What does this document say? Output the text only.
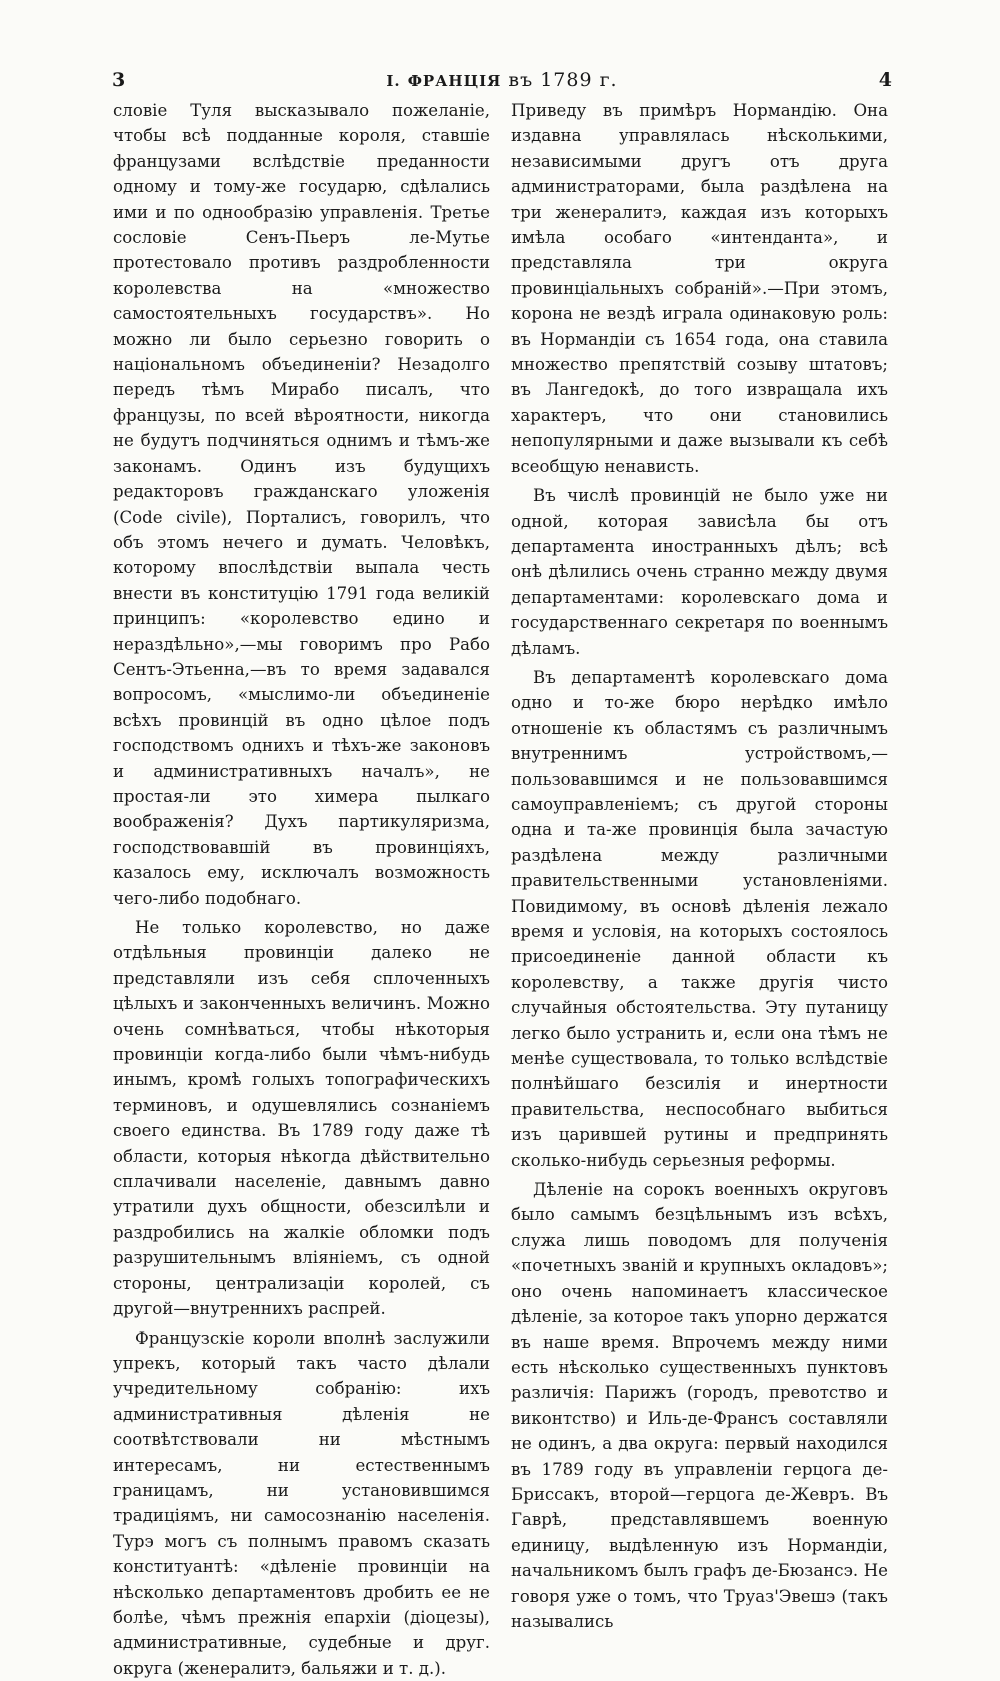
3	I. ФРАНЦІЯ въ 1789 г.	4

словіе Туля высказывало пожеланіе, чтобы всѣ подданные короля, ставшіе французами вслѣдствіе преданности одному и тому-же государю, сдѣлались ими и по однообразію управленія. Третье сословіе Сенъ-Пьеръ ле-Мутье протестовало противъ раздробленности королевства на «множество самостоятельныхъ государствъ». Но можно ли было серьезно говорить о національномъ объединеніи? Незадолго передъ тѣмъ Мирабо писалъ, что французы, по всей вѣроятности, никогда не будутъ подчиняться однимъ и тѣмъ-же законамъ. Одинъ изъ будущихъ редакторовъ гражданскаго уложенія (Code civile), Порталисъ, говорилъ, что объ этомъ нечего и думать. Человѣкъ, которому впослѣдствіи выпала честь внести въ конституцію 1791 года великій принципъ: «королевство едино и нераздѣльно»,—мы говоримъ про Рабо Сентъ-Этьенна,—въ то время задавался вопросомъ, «мыслимо-ли объединеніе всѣхъ провинцій въ одно цѣлое подъ господствомъ однихъ и тѣхъ-же законовъ и административныхъ началъ», не простая-ли это химера пылкаго воображенія? Духъ партикуляризма, господствовавшій въ провинціяхъ, казалось ему, исключалъ возможность чего-либо подобнаго.

Не только королевство, но даже отдѣльныя провинціи далеко не представляли изъ себя сплоченныхъ цѣлыхъ и законченныхъ величинъ. Можно очень сомнѣваться, чтобы нѣкоторыя провинціи когда-либо были чѣмъ-нибудь инымъ, кромѣ голыхъ топографическихъ терминовъ, и одушевлялись сознаніемъ своего единства. Въ 1789 году даже тѣ области, которыя нѣкогда дѣйствительно сплачивали населеніе, давнымъ давно утратили духъ общности, обезсилѣли и раздробились на жалкіе обломки подъ разрушительнымъ вліяніемъ, съ одной стороны, централизаціи королей, съ другой—внутреннихъ распрей.

Французскіе короли вполнѣ заслужили упрекъ, который такъ часто дѣлали учредительному собранію: ихъ административныя дѣленія не соотвѣтствовали ни мѣстнымъ интересамъ, ни естественнымъ границамъ, ни установившимся традиціямъ, ни самосознанію населенія. Турэ могъ съ полнымъ правомъ сказать конституантѣ: «дѣленіе провинціи на нѣсколько департаментовъ дробить ее не болѣе, чѣмъ прежнія епархіи (діоцезы), административные, судебные и друг. округа (женералитэ, бальяжи и т. д.).

Приведу въ примѣръ Нормандію. Она издавна управлялась нѣсколькими, независимыми другъ отъ друга администраторами, была раздѣлена на три женералитэ, каждая изъ которыхъ имѣла особаго «интенданта», и представляла три округа провинціальныхъ собраній».—При этомъ, корона не вездѣ играла одинаковую роль: въ Нормандіи съ 1654 года, она ставила множество препятствій созыву штатовъ; въ Лангедокѣ, до того извращала ихъ характеръ, что они становились непопулярными и даже вызывали къ себѣ всеобщую ненависть.

Въ числѣ провинцій не было уже ни одной, которая зависѣла бы отъ департамента иностранныхъ дѣлъ; всѣ онѣ дѣлились очень странно между двумя департаментами: королевскаго дома и государственнаго секретаря по военнымъ дѣламъ.

Въ департаментѣ королевскаго дома одно и то-же бюро нерѣдко имѣло отношеніе къ областямъ съ различнымъ внутреннимъ устройствомъ,—пользовавшимся и не пользовавшимся самоуправленіемъ; съ другой стороны одна и та-же провинція была зачастую раздѣлена между различными правительственными установленіями. Повидимому, въ основѣ дѣленія лежало время и условія, на которыхъ состоялось присоединеніе данной области къ королевству, а также другія чисто случайныя обстоятельства. Эту путаницу легко было устранить и, если она тѣмъ не менѣе существовала, то только вслѣдствіе полнѣйшаго безсилія и инертности правительства, неспособнаго выбиться изъ царившей рутины и предпринять сколько-нибудь серьезныя реформы.

Дѣленіе на сорокъ военныхъ округовъ было самымъ безцѣльнымъ изъ всѣхъ, служа лишь поводомъ для полученія «почетныхъ званій и крупныхъ окладовъ»; оно очень напоминаетъ классическое дѣленіе, за которое такъ упорно держатся въ наше время. Впрочемъ между ними есть нѣсколько существенныхъ пунктовъ различія: Парижъ (городъ, превотство и виконтство) и Иль-де-Франсъ составляли не одинъ, а два округа: первый находился въ 1789 году въ управленіи герцога де-Бриссакъ, второй—герцога де-Жевръ. Въ Гаврѣ, представлявшемъ военную единицу, выдѣленную изъ Нормандіи, начальникомъ былъ графъ де-Бюзансэ. Не говоря уже о томъ, что Труаз'Эвешэ (такъ назывались
